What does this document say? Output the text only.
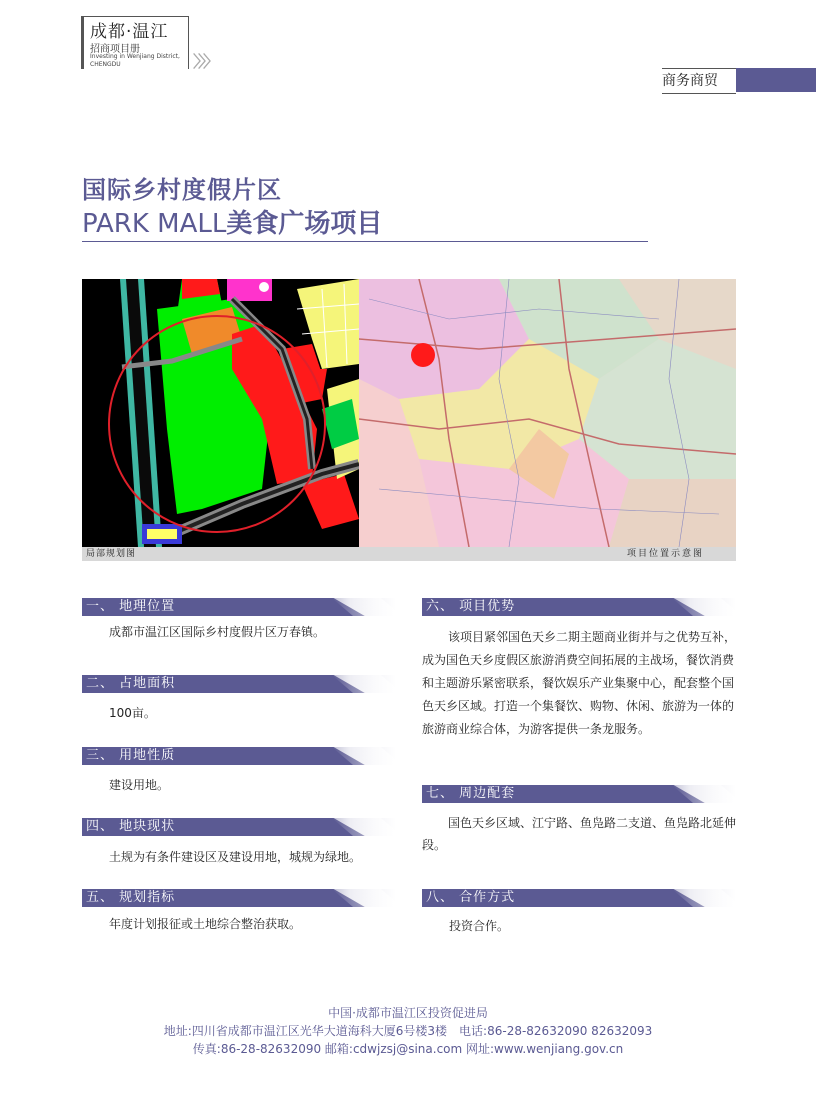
成都·温江
招商项目册
Investing in Wenjiang District, CHENGDU	〉〉〉
商务商贸
国际乡村度假片区
PARK MALL美食广场项目
局部规划图	项目位置示意图
一、 地理位置
成都市温江区国际乡村度假片区万春镇。
二、 占地面积
100亩。
三、 用地性质
建设用地。
四、 地块现状
土规为有条件建设区及建设用地，城规为绿地。
五、 规划指标
年度计划报征或土地综合整治获取。
六、 项目优势
该项目紧邻国色天乡二期主题商业街并与之优势互补，成为国色天乡度假区旅游消费空间拓展的主战场，餐饮消费和主题游乐紧密联系，餐饮娱乐产业集聚中心，配套整个国色天乡区域。打造一个集餐饮、购物、休闲、旅游为一体的旅游商业综合体，为游客提供一条龙服务。
七、 周边配套
国色天乡区域、江宁路、鱼凫路二支道、鱼凫路北延伸段。
八、 合作方式
投资合作。
中国·成都市温江区投资促进局
地址:四川省成都市温江区光华大道海科大厦6号楼3楼　电话:86-28-82632090 82632093
传真:86-28-82632090 邮箱:cdwjzsj@sina.com 网址:www.wenjiang.gov.cn
